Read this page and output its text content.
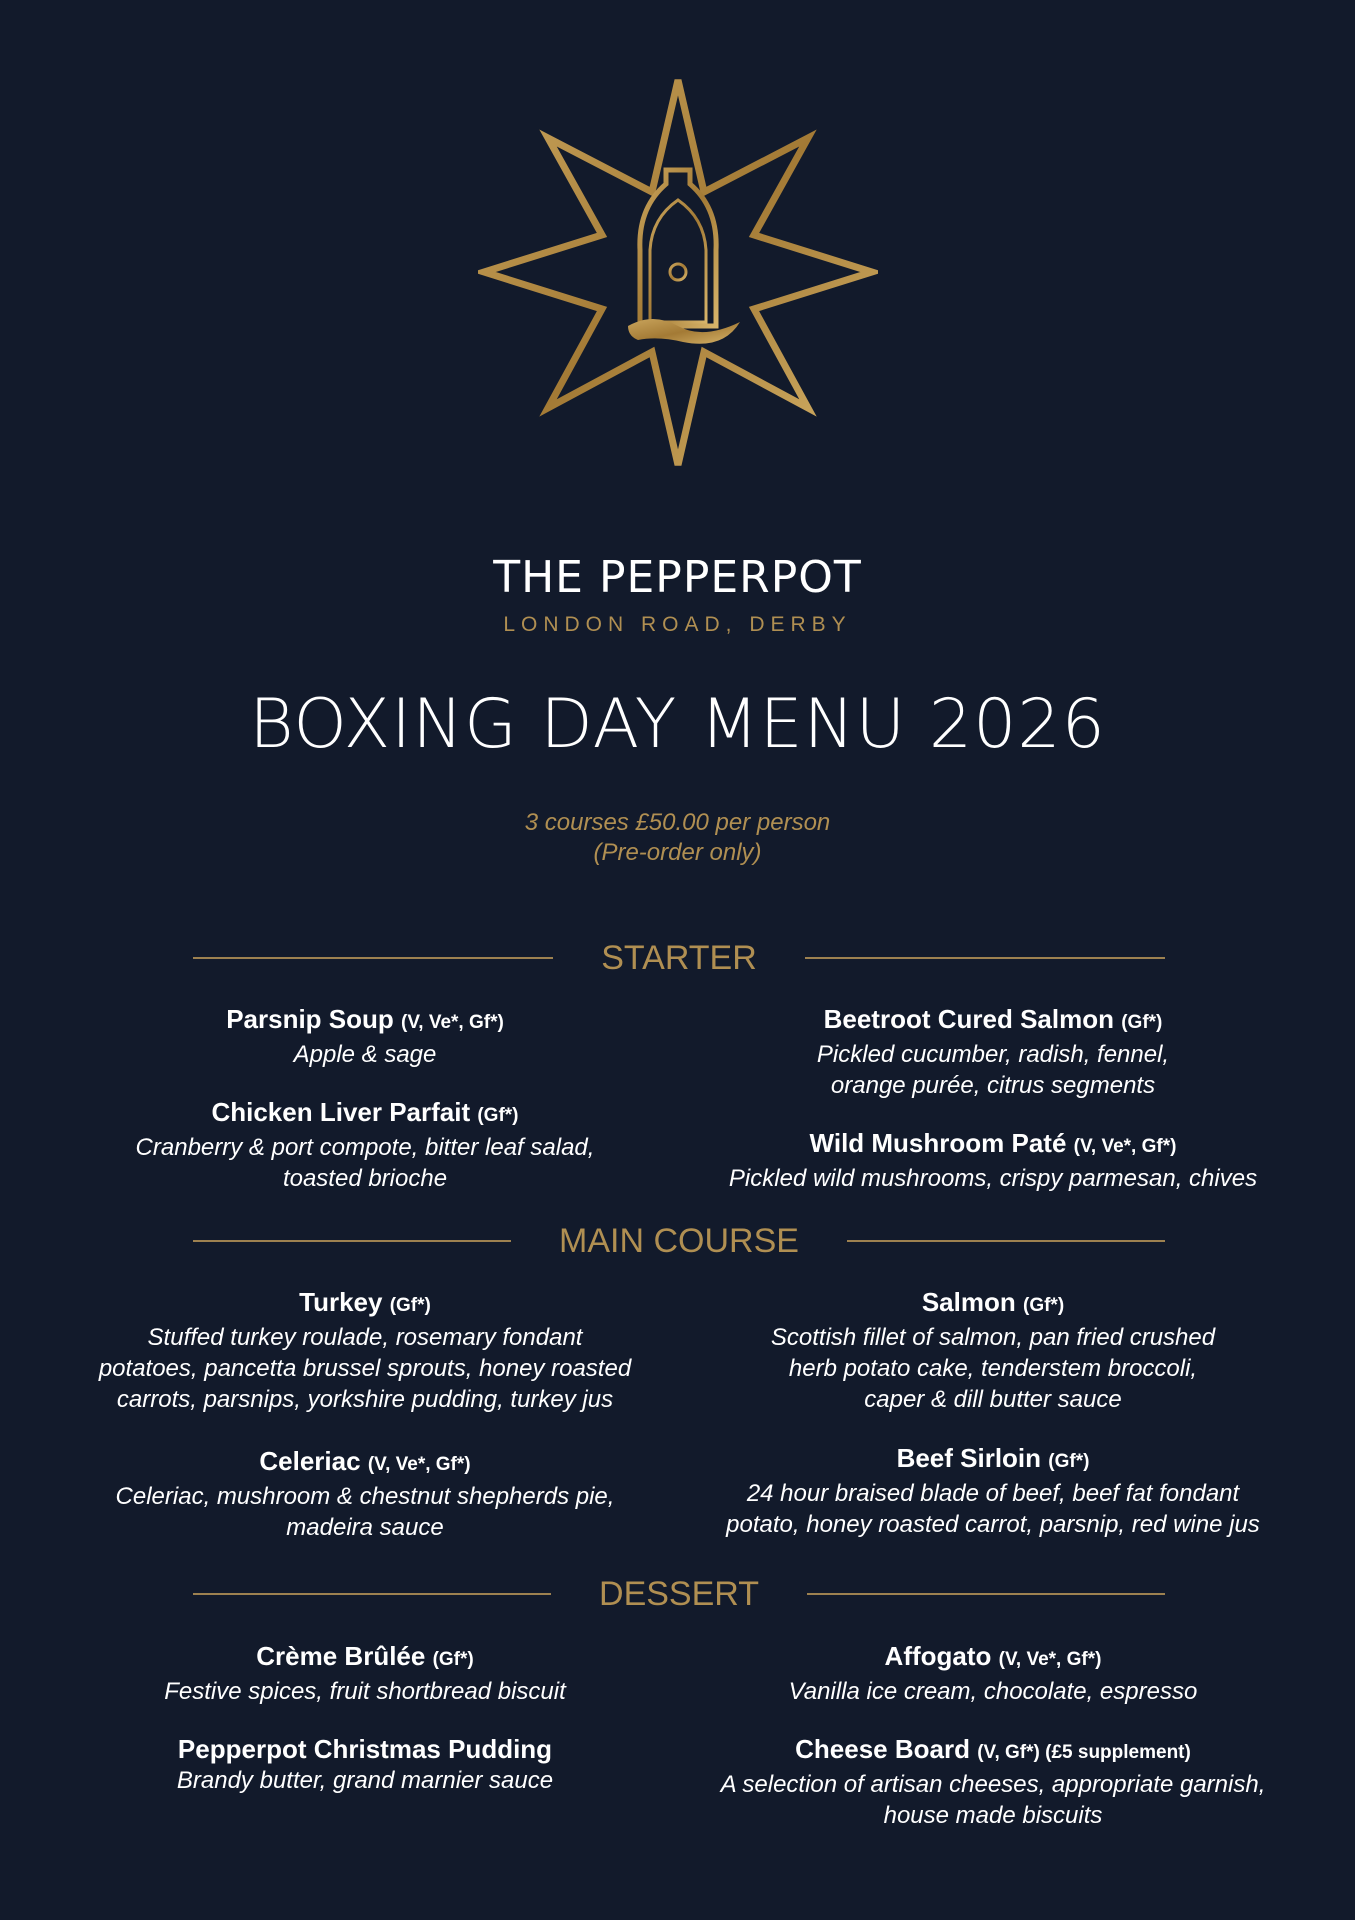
THE PEPPERPOT
LONDON ROAD, DERBY
BOXING DAY MENU 2026
3 courses £50.00 per person
(Pre-order only)
STARTER
Parsnip Soup (V, Ve*, Gf*)
Apple & sage
Chicken Liver Parfait (Gf*)
Cranberry & port compote, bitter leaf salad,
toasted brioche
Beetroot Cured Salmon (Gf*)
Pickled cucumber, radish, fennel,
orange purée, citrus segments
Wild Mushroom Paté (V, Ve*, Gf*)
Pickled wild mushrooms, crispy parmesan, chives
MAIN COURSE
Turkey (Gf*)
Stuffed turkey roulade, rosemary fondant
potatoes, pancetta brussel sprouts, honey roasted
carrots, parsnips, yorkshire pudding, turkey jus
Celeriac (V, Ve*, Gf*)
Celeriac, mushroom & chestnut shepherds pie,
madeira sauce
Salmon (Gf*)
Scottish fillet of salmon, pan fried crushed
herb potato cake, tenderstem broccoli,
caper & dill butter sauce
Beef Sirloin (Gf*)
24 hour braised blade of beef, beef fat fondant
potato, honey roasted carrot, parsnip, red wine jus
DESSERT
Crème Brûlée (Gf*)
Festive spices, fruit shortbread biscuit
Pepperpot Christmas Pudding
Brandy butter, grand marnier sauce
Affogato (V, Ve*, Gf*)
Vanilla ice cream, chocolate, espresso
Cheese Board (V, Gf*) (£5 supplement)
A selection of artisan cheeses, appropriate garnish,
house made biscuits
